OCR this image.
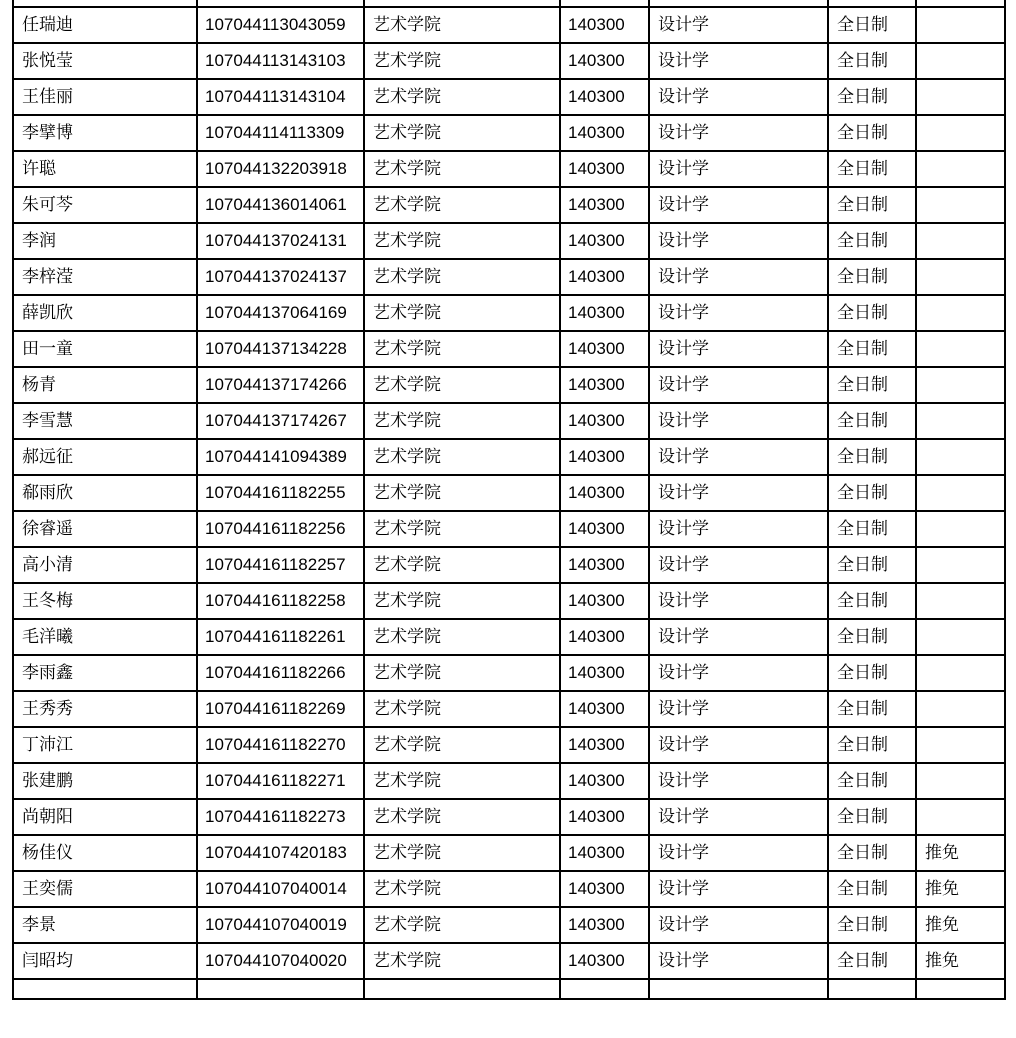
任瑞迪	107044113043059	艺术学院	140300	设计学	全日制	
张悦莹	107044113143103	艺术学院	140300	设计学	全日制	
王佳丽	107044113143104	艺术学院	140300	设计学	全日制	
李擘博	107044114113309	艺术学院	140300	设计学	全日制	
许聪	107044132203918	艺术学院	140300	设计学	全日制	
朱可芩	107044136014061	艺术学院	140300	设计学	全日制	
李润	107044137024131	艺术学院	140300	设计学	全日制	
李梓滢	107044137024137	艺术学院	140300	设计学	全日制	
薛凯欣	107044137064169	艺术学院	140300	设计学	全日制	
田一童	107044137134228	艺术学院	140300	设计学	全日制	
杨青	107044137174266	艺术学院	140300	设计学	全日制	
李雪慧	107044137174267	艺术学院	140300	设计学	全日制	
郝远征	107044141094389	艺术学院	140300	设计学	全日制	
郗雨欣	107044161182255	艺术学院	140300	设计学	全日制	
徐睿遥	107044161182256	艺术学院	140300	设计学	全日制	
高小清	107044161182257	艺术学院	140300	设计学	全日制	
王冬梅	107044161182258	艺术学院	140300	设计学	全日制	
毛洋曦	107044161182261	艺术学院	140300	设计学	全日制	
李雨鑫	107044161182266	艺术学院	140300	设计学	全日制	
王秀秀	107044161182269	艺术学院	140300	设计学	全日制	
丁沛江	107044161182270	艺术学院	140300	设计学	全日制	
张建鹏	107044161182271	艺术学院	140300	设计学	全日制	
尚朝阳	107044161182273	艺术学院	140300	设计学	全日制	
杨佳仪	107044107420183	艺术学院	140300	设计学	全日制	推免
王奕儒	107044107040014	艺术学院	140300	设计学	全日制	推免
李景	107044107040019	艺术学院	140300	设计学	全日制	推免
闫昭均	107044107040020	艺术学院	140300	设计学	全日制	推免
